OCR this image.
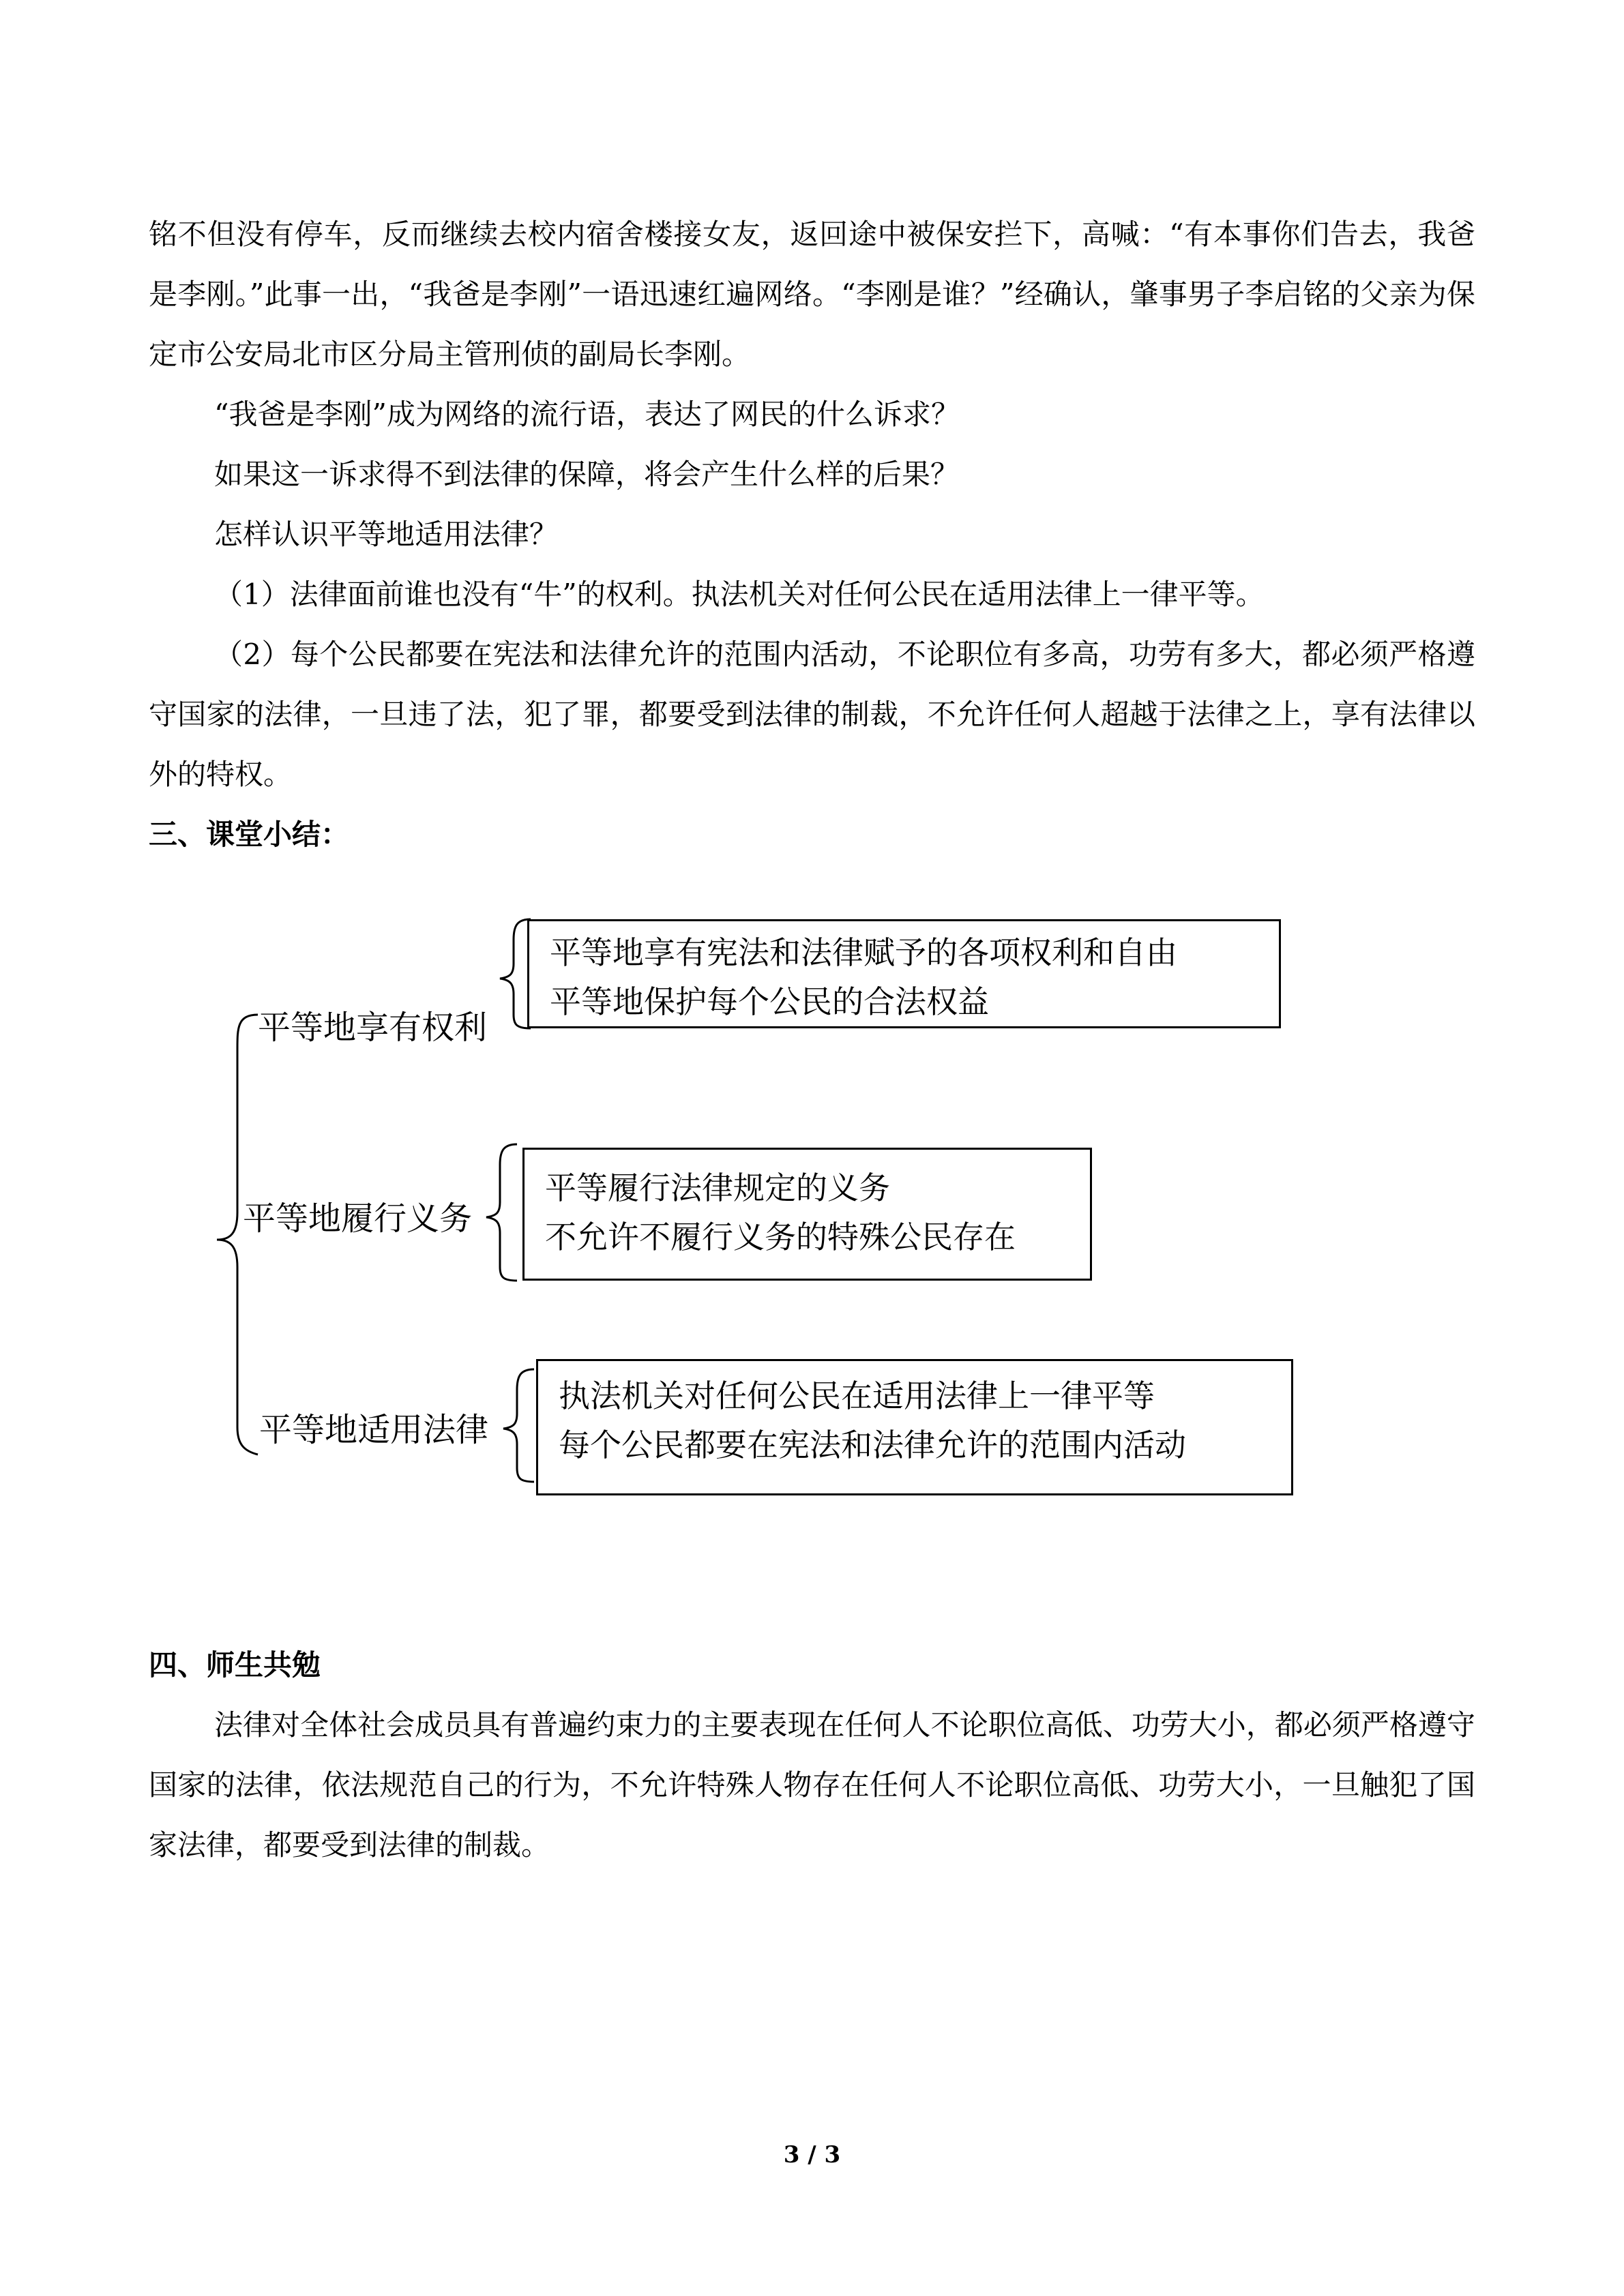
铭不但没有停车，反而继续去校内宿舍楼接女友，返回途中被保安拦下，高喊：“有本事你们告去，我爸是李刚。”此事一出，“我爸是李刚”一语迅速红遍网络。“李刚是谁？”经确认，肇事男子李启铭的父亲为保定市公安局北市区分局主管刑侦的副局长李刚。

“我爸是李刚”成为网络的流行语，表达了网民的什么诉求？

如果这一诉求得不到法律的保障，将会产生什么样的后果？

怎样认识平等地适用法律？

（1）法律面前谁也没有“牛”的权利。执法机关对任何公民在适用法律上一律平等。

（2）每个公民都要在宪法和法律允许的范围内活动，不论职位有多高，功劳有多大，都必须严格遵守国家的法律，一旦违了法，犯了罪，都要受到法律的制裁，不允许任何人超越于法律之上，享有法律以外的特权。

三、课堂小结：

平等地享有权利
平等地享有宪法和法律赋予的各项权利和自由
平等地保护每个公民的合法权益
平等地履行义务
平等履行法律规定的义务
不允许不履行义务的特殊公民存在
平等地适用法律
执法机关对任何公民在适用法律上一律平等
每个公民都要在宪法和法律允许的范围内活动

四、师生共勉

法律对全体社会成员具有普遍约束力的主要表现在任何人不论职位高低、功劳大小，都必须严格遵守国家的法律，依法规范自己的行为，不允许特殊人物存在任何人不论职位高低、功劳大小，一旦触犯了国家法律，都要受到法律的制裁。

3 / 3
